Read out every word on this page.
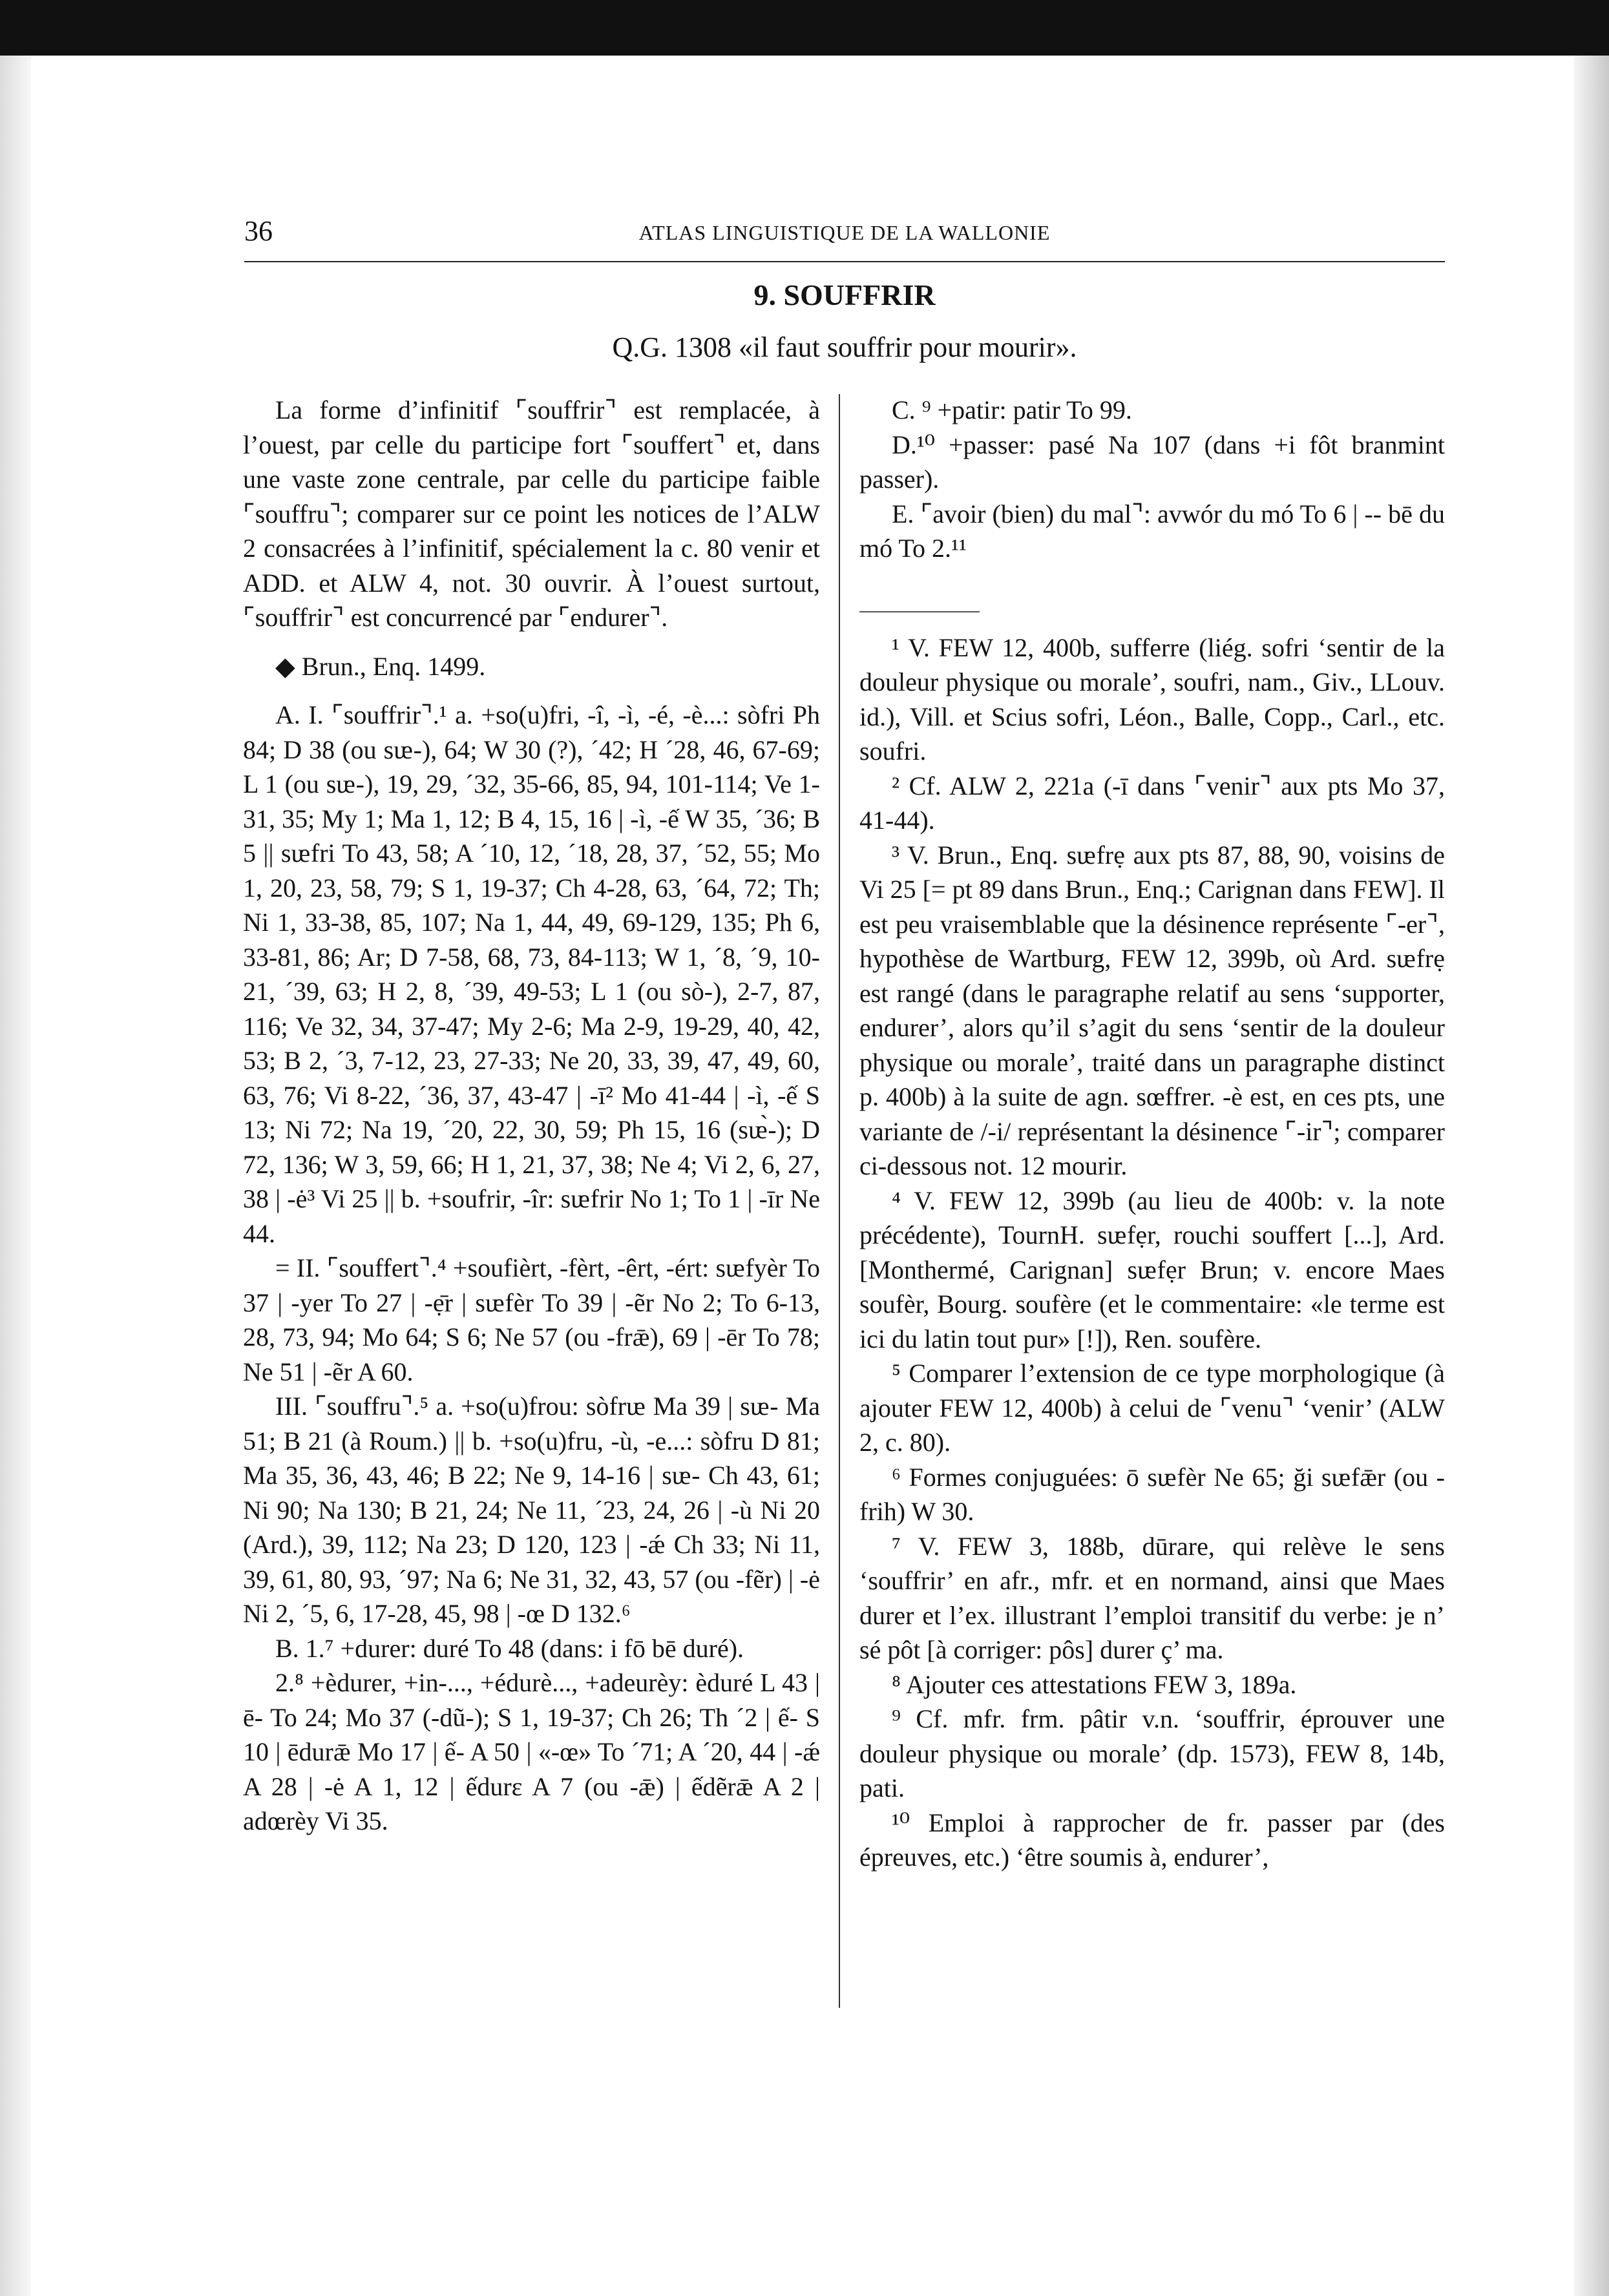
36	ATLAS LINGUISTIQUE DE LA WALLONIE
9. SOUFFRIR
Q.G. 1308 «il faut souffrir pour mourir».

La forme d’infinitif ⌜souffrir⌝ est remplacée, à l’ouest, par celle du participe fort ⌜souffert⌝ et, dans une vaste zone centrale, par celle du participe faible ⌜souffru⌝; comparer sur ce point les notices de l’ALW 2 consacrées à l’infinitif, spécialement la c. 80 venir et ADD. et ALW 4, not. 30 ouvrir. À l’ouest surtout, ⌜souffrir⌝ est concurrencé par ⌜endurer⌝.

◆ Brun., Enq. 1499.

A. I. ⌜souffrir⌝.¹ a. +so(u)fri, -î, -ì, -é, -è...: sòfri Ph 84; D 38 (ou sᵫ-), 64; W 30 (?), ´42; H ´28, 46, 67-69; L 1 (ou sᵫ-), 19, 29, ´32, 35-66, 85, 94, 101-114; Ve 1-31, 35; My 1; Ma 1, 12; B 4, 15, 16 | -ì, -ế W 35, ´36; B 5 || sᵫfri To 43, 58; A ´10, 12, ´18, 28, 37, ´52, 55; Mo 1, 20, 23, 58, 79; S 1, 19-37; Ch 4-28, 63, ´64, 72; Th; Ni 1, 33-38, 85, 107; Na 1, 44, 49, 69-129, 135; Ph 6, 33-81, 86; Ar; D 7-58, 68, 73, 84-113; W 1, ´8, ´9, 10-21, ´39, 63; H 2, 8, ´39, 49-53; L 1 (ou sò-), 2-7, 87, 116; Ve 32, 34, 37-47; My 2-6; Ma 2-9, 19-29, 40, 42, 53; B 2, ´3, 7-12, 23, 27-33; Ne 20, 33, 39, 47, 49, 60, 63, 76; Vi 8-22, ´36, 37, 43-47 | -ī² Mo 41-44 | -ì, -ế S 13; Ni 72; Na 19, ´20, 22, 30, 59; Ph 15, 16 (sᵫ̀-); D 72, 136; W 3, 59, 66; H 1, 21, 37, 38; Ne 4; Vi 2, 6, 27, 38 | -ė³ Vi 25 || b. +soufrir, -îr: sᵫfrir No 1; To 1 | -īr Ne 44.

= II. ⌜souffert⌝.⁴ +soufièrt, -fèrt, -êrt, -ért: sᵫfyèr To 37 | -yer To 27 | -ẹ̄r | sᵫfèr To 39 | -ẽr No 2; To 6-13, 28, 73, 94; Mo 64; S 6; Ne 57 (ou -frǣ), 69 | -ēr To 78; Ne 51 | -ẽr A 60.

III. ⌜souffru⌝.⁵ a. +so(u)frou: sòfrᵫ Ma 39 | sᵫ- Ma 51; B 21 (à Roum.) || b. +so(u)fru, -ù, -e...: sòfru D 81; Ma 35, 36, 43, 46; B 22; Ne 9, 14-16 | sᵫ- Ch 43, 61; Ni 90; Na 130; B 21, 24; Ne 11, ´23, 24, 26 | -ù Ni 20 (Ard.), 39, 112; Na 23; D 120, 123 | -ǽ Ch 33; Ni 11, 39, 61, 80, 93, ´97; Na 6; Ne 31, 32, 43, 57 (ou -fẽr) | -ė Ni 2, ´5, 6, 17-28, 45, 98 | -œ D 132.⁶

B. 1.⁷ +durer: duré To 48 (dans: i fō bē duré).

2.⁸ +èdurer, +in-..., +édurè..., +adeurèy: èduré L 43 | ē- To 24; Mo 37 (-dũ-); S 1, 19-37; Ch 26; Th ´2 | ế- S 10 | ēdurǣ Mo 17 | ế- A 50 | «-œ» To ´71; A ´20, 44 | -ǽ A 28 | -ė A 1, 12 | ếdurɛ A 7 (ou -ǣ) | ếdẽrǣ A 2 | adœrèy Vi 35.

C. ⁹ +patir: patir To 99.

D.¹⁰ +passer: pasé Na 107 (dans +i fôt branmint passer).

E. ⌜avoir (bien) du mal⌝: avwór du mó To 6 | -- bē du mó To 2.¹¹

¹ V. FEW 12, 400b, sufferre (liég. sofri ‘sentir de la douleur physique ou morale’, soufri, nam., Giv., LLouv. id.), Vill. et Scius sofri, Léon., Balle, Copp., Carl., etc. soufri.

² Cf. ALW 2, 221a (-ī dans ⌜venir⌝ aux pts Mo 37, 41-44).

³ V. Brun., Enq. sᵫfrẹ aux pts 87, 88, 90, voisins de Vi 25 [= pt 89 dans Brun., Enq.; Carignan dans FEW]. Il est peu vraisemblable que la désinence représente ⌜-er⌝, hypothèse de Wartburg, FEW 12, 399b, où Ard. sᵫfrẹ est rangé (dans le paragraphe relatif au sens ‘supporter, endurer’, alors qu’il s’agit du sens ‘sentir de la douleur physique ou morale’, traité dans un paragraphe distinct p. 400b) à la suite de agn. sœffrer. -è est, en ces pts, une variante de /-i/ représentant la désinence ⌜-ir⌝; comparer ci-dessous not. 12 mourir.

⁴ V. FEW 12, 399b (au lieu de 400b: v. la note précédente), TournH. sᵫfẹr, rouchi souffert [...], Ard. [Monthermé, Carignan] sᵫfẹr Brun; v. encore Maes soufèr, Bourg. soufère (et le commentaire: «le terme est ici du latin tout pur» [!]), Ren. soufère.

⁵ Comparer l’extension de ce type morphologique (à ajouter FEW 12, 400b) à celui de ⌜venu⌝ ‘venir’ (ALW 2, c. 80).

⁶ Formes conjuguées: ō sᵫfèr Ne 65; ği sᵫfǣr (ou -frih) W 30.

⁷ V. FEW 3, 188b, dūrare, qui relève le sens ‘souffrir’ en afr., mfr. et en normand, ainsi que Maes durer et l’ex. illustrant l’emploi transitif du verbe: je n’ sé pôt [à corriger: pôs] durer ç’ ma.

⁸ Ajouter ces attestations FEW 3, 189a.

⁹ Cf. mfr. frm. pâtir v.n. ‘souffrir, éprouver une douleur physique ou morale’ (dp. 1573), FEW 8, 14b, pati.

¹⁰ Emploi à rapprocher de fr. passer par (des épreuves, etc.) ‘être soumis à, endurer’,
